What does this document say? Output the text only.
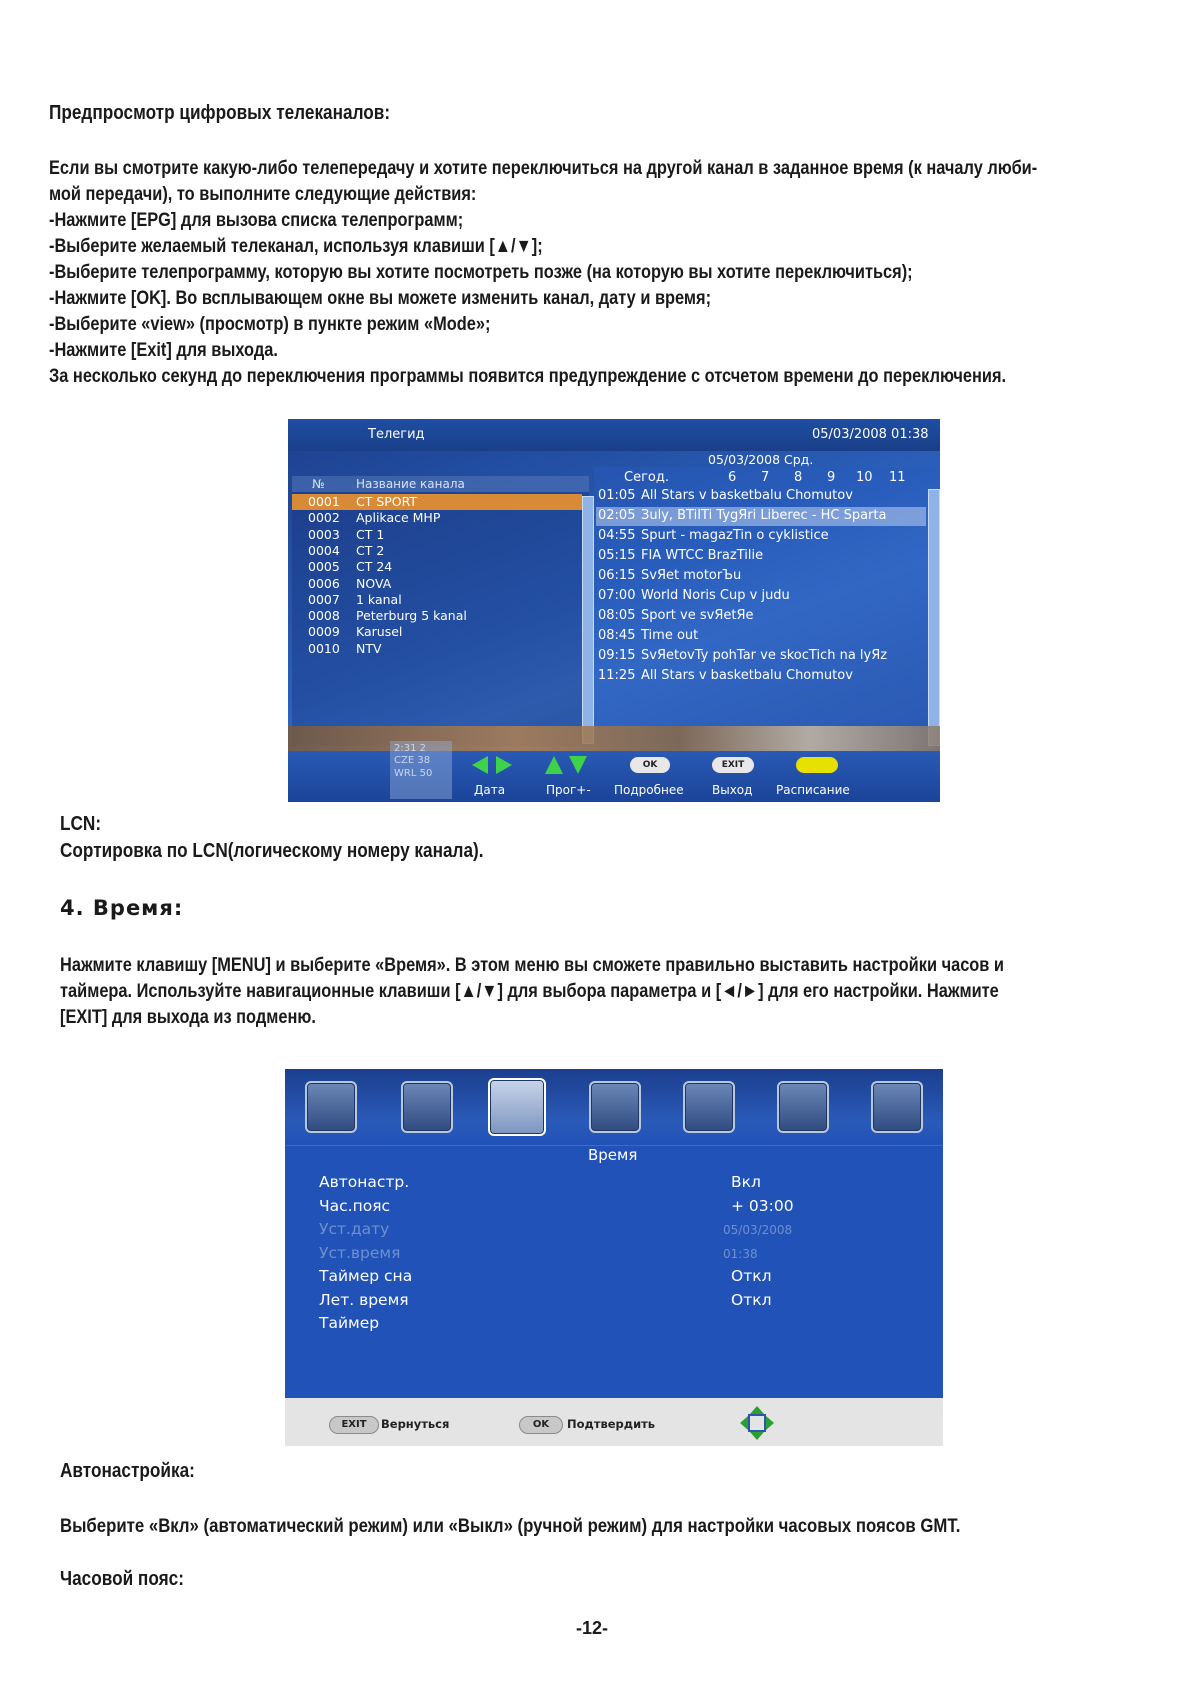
Предпросмотр цифровых телеканалов:
Если вы смотрите какую-либо телепередачу и хотите переключиться на другой канал в заданное время (к началу люби-
мой передачи), то выполните следующие действия:
-Нажмите [EPG] для вызова списка телепрограмм;
-Выберите желаемый телеканал, используя клавиши [▲/▼];
-Выберите телепрограмму, которую вы хотите посмотреть позже (на которую вы хотите переключиться);
-Нажмите [OK]. Во всплывающем окне вы можете изменить канал, дату и время;
-Выберите «view» (просмотр) в пункте режим «Mode»;
-Нажмите [Exit] для выхода.
За несколько секунд до переключения программы появится предупреждение с отсчетом времени до переключения.
Телегид	05/03/2008 01:38
05/03/2008 Срд.
Сегод.	6 7 8 9 10 11
№	Название канала
0001 CT SPORT
0002 Aplikace MHP
0003 CT 1
0004 CT 2
0005 CT 24
0006 NOVA
0007 1 kanal
0008 Peterburg 5 kanal
0009 Karusel
0010 NTV
01:05 All Stars v basketbalu Chomutov
02:05 Зuly, BTiITi TygЯri Liberec - HC Sparta
04:55 Spurt - magazTin o cyklistice
05:15 FIA WTCC BrazTilie
06:15 SvЯet motorЪu
07:00 World Noris Cup v judu
08:05 Sport ve svЯetЯe
08:45 Time out
09:15 SvЯetovTy pohTar ve skocTich na lyЯz
11:25 All Stars v basketbalu Chomutov
2:31 2
CZE 38
WRL 50
OK	EXIT
Дата	Прог+- Подробнее Выход Расписание
LCN:
Сортировка по LCN(логическому номеру канала).
4. Время:
Нажмите клавишу [MENU] и выберите «Время». В этом меню вы сможете правильно выставить настройки часов и
таймера. Используйте навигационные клавиши [▲/▼] для выбора параметра и [◄/►] для его настройки. Нажмите
[EXIT] для выхода из подменю.
Время
Автонастр.	Вкл
Час.пояс	+ 03:00
Уст.дату	05/03/2008
Уст.время	01:38
Таймер сна	Откл
Лет. время	Откл
Таймер
EXIT	Вернуться	OK	Подтвердить
Автонастройка:
Выберите «Вкл» (автоматический режим) или «Выкл» (ручной режим) для настройки часовых поясов GMT.
Часовой пояс:
-12-
